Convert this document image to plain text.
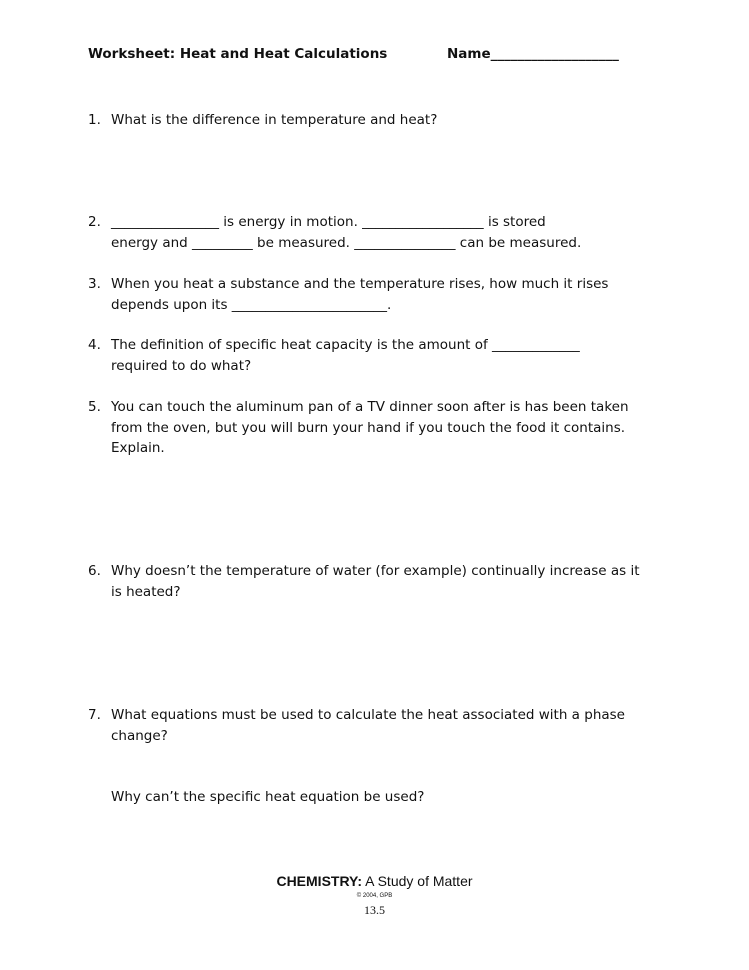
Worksheet: Heat and Heat Calculations	Name___________________
1. What is the difference in temperature and heat?
2. ________________ is energy in motion. __________________ is stored
energy and _________ be measured. _______________ can be measured.
3. When you heat a substance and the temperature rises, how much it rises
depends upon its _______________________.
4. The definition of specific heat capacity is the amount of _____________
required to do what?
5. You can touch the aluminum pan of a TV dinner soon after is has been taken
from the oven, but you will burn your hand if you touch the food it contains.
Explain.
6. Why doesn’t the temperature of water (for example) continually increase as it
is heated?
7. What equations must be used to calculate the heat associated with a phase
change?
Why can’t the specific heat equation be used?
CHEMISTRY: A Study of Matter
© 2004, GPB
13.5
